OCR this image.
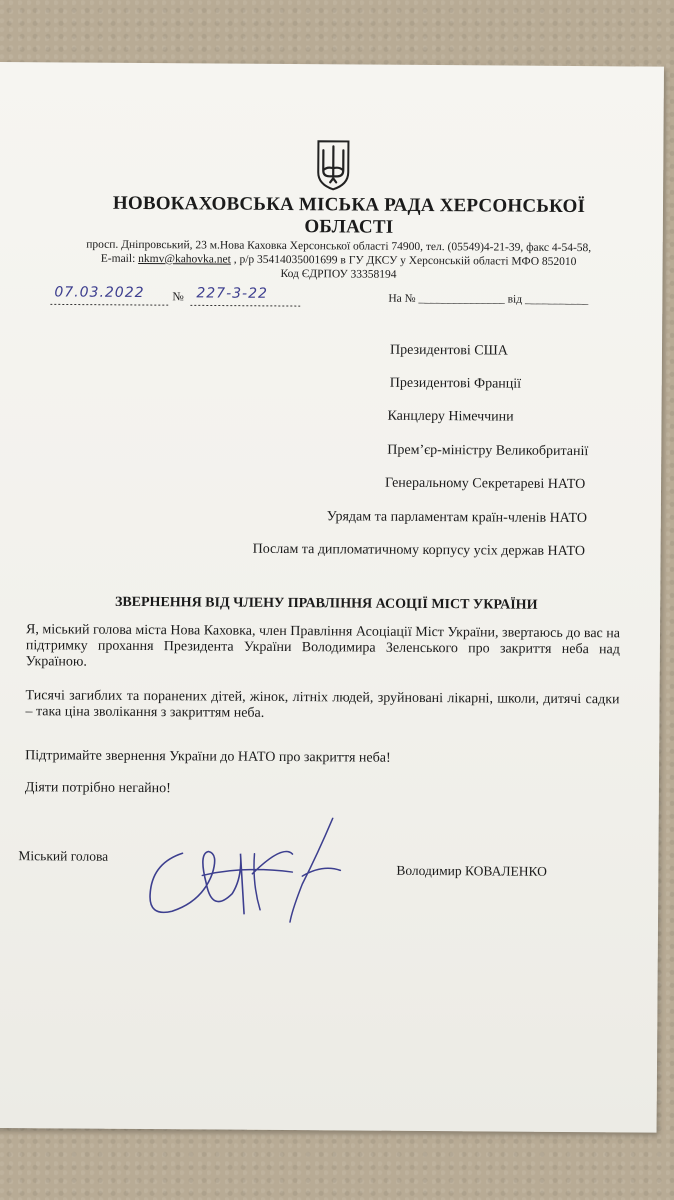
НОВОКАХОВСЬКА МІСЬКА РАДА ХЕРСОНСЬКОЇ
ОБЛАСТІ
просп. Дніпровський, 23 м.Нова Каховка Херсонської області 74900, тел. (05549)4-21-39, факс 4-54-58,
E-mail: nkmv@kahovka.net , р/р 35414035001699 в ГУ ДКСУ у Херсонській області МФО 852010
Код ЄДРПОУ 33358194
07.03.2022 № 227-3-22	На № _______________ від ___________
Президентові США
Президентові Франції
Канцлеру Німеччини
Прем’єр-міністру Великобританії
Генеральному Секретареві НАТО
Урядам та парламентам країн-членів НАТО
Послам та дипломатичному корпусу усіх держав НАТО
ЗВЕРНЕННЯ ВІД ЧЛЕНУ ПРАВЛІННЯ АСОЦІЇ МІСТ УКРАЇНИ
Я, міський голова міста Нова Каховка, член Правління Асоціації Міст України, звертаюсь до вас на підтримку прохання Президента України Володимира Зеленського про закриття неба над Україною.
Тисячі загиблих та поранених дітей, жінок, літніх людей, зруйновані лікарні, школи, дитячі садки – така ціна зволікання з закриттям неба.
Підтримайте звернення України до НАТО про закриття неба!
Діяти потрібно негайно!
Міський голова
Володимир КОВАЛЕНКО
